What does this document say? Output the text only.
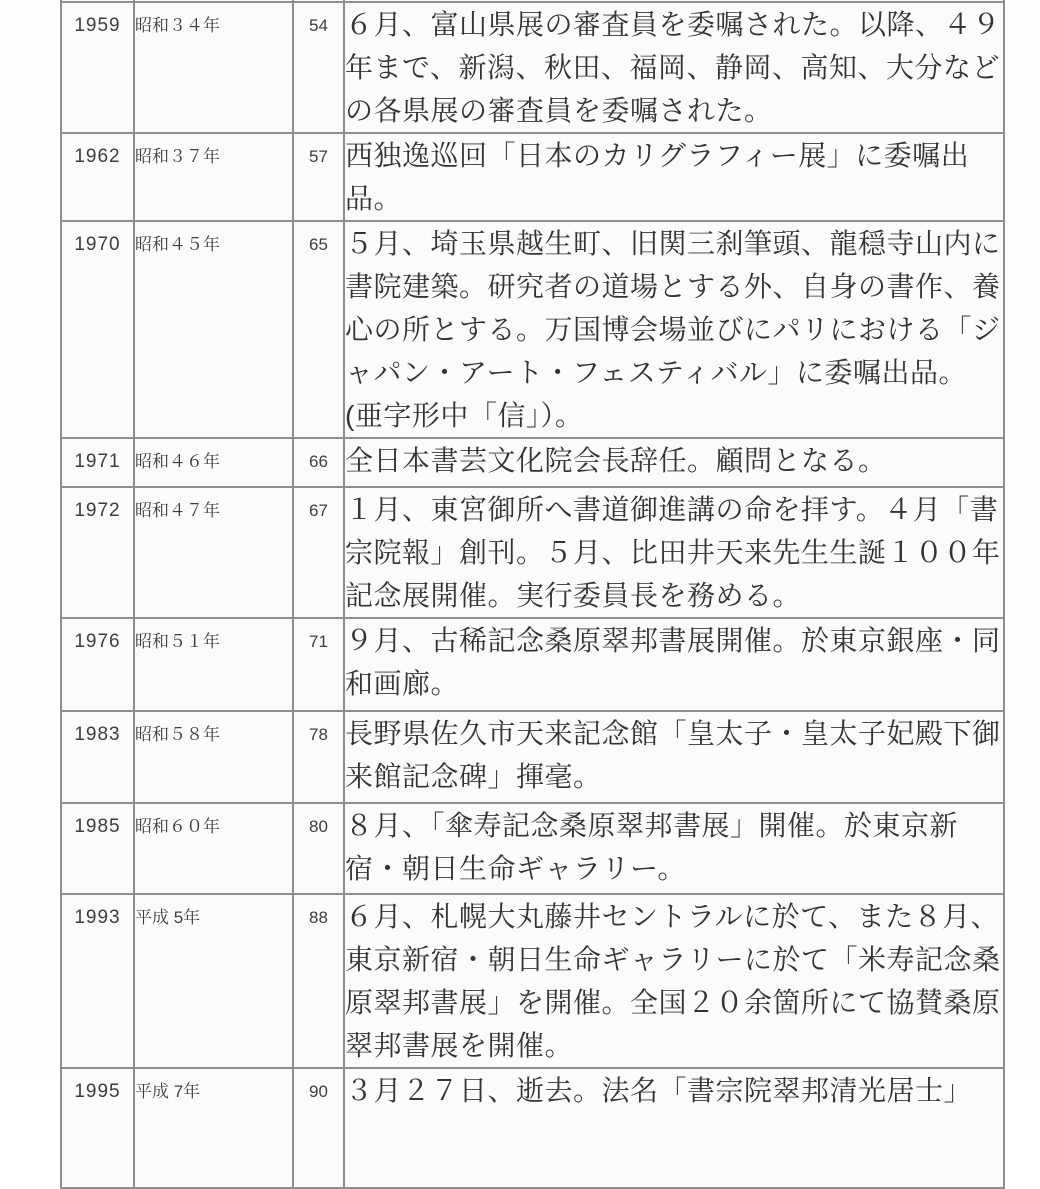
1959	昭和３４年	54	６月、富山県展の審査員を委嘱された。以降、４９年まで、新潟、秋田、福岡、静岡、高知、大分などの各県展の審査員を委嘱された。
1962	昭和３７年	57	西独逸巡回「日本のカリグラフィー展」に委嘱出品。
1970	昭和４５年	65	５月、埼玉県越生町、旧関三刹筆頭、龍穏寺山内に書院建築。研究者の道場とする外、自身の書作、養心の所とする。万国博会場並びにパリにおける「ジャパン・アート・フェスティバル」に委嘱出品。(亜字形中「信」）。
1971	昭和４６年	66	全日本書芸文化院会長辞任。顧問となる。
1972	昭和４７年	67	１月、東宮御所へ書道御進講の命を拝す。４月「書宗院報」創刊。５月、比田井天来先生生誕１００年記念展開催。実行委員長を務める。
1976	昭和５１年	71	９月、古稀記念桑原翠邦書展開催。於東京銀座・同和画廊。
1983	昭和５８年	78	長野県佐久市天来記念館「皇太子・皇太子妃殿下御来館記念碑」揮毫。
1985	昭和６０年	80	８月、「傘寿記念桑原翠邦書展」開催。於東京新宿・朝日生命ギャラリー。
1993	平成 5年	88	６月、札幌大丸藤井セントラルに於て、また８月、東京新宿・朝日生命ギャラリーに於て「米寿記念桑原翠邦書展」を開催。全国２０余箇所にて協賛桑原翠邦書展を開催。
1995	平成 7年	90	３月２７日、逝去。法名「書宗院翠邦清光居士」
